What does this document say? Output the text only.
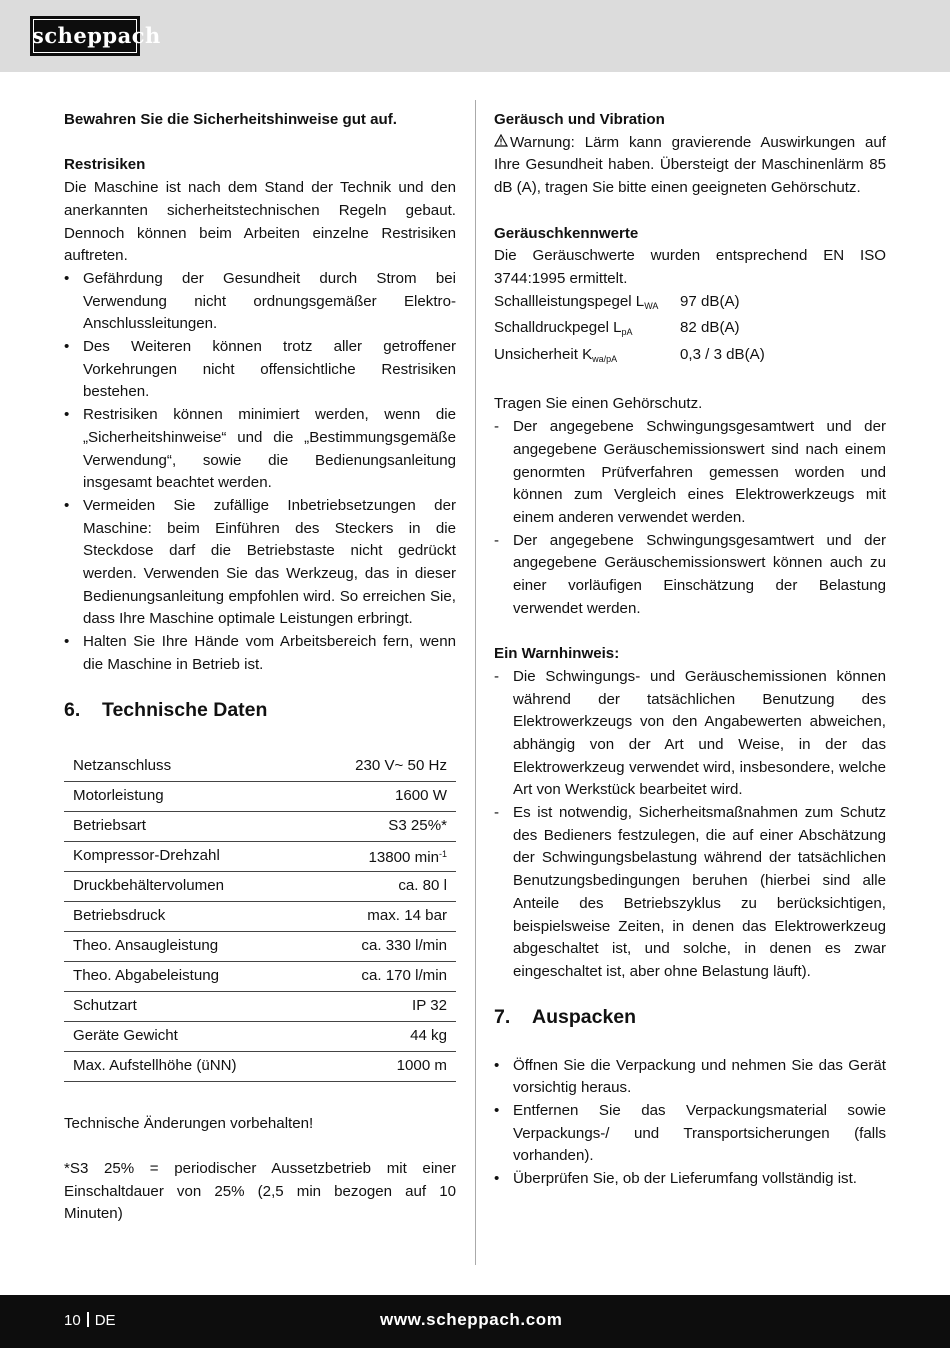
scheppach

Bewahren Sie die Sicherheitshinweise gut auf.

Restrisiken

Die Maschine ist nach dem Stand der Technik und den anerkannten sicherheitstechnischen Regeln gebaut. Dennoch können beim Arbeiten einzelne Restrisiken auftreten.

• Gefährdung der Gesundheit durch Strom bei Verwendung nicht ordnungsgemäßer Elektro-Anschlussleitungen.
• Des Weiteren können trotz aller getroffener Vorkehrungen nicht offensichtliche Restrisiken bestehen.
• Restrisiken können minimiert werden, wenn die „Sicherheitshinweise“ und die „Bestimmungsgemäße Verwendung“, sowie die Bedienungsanleitung insgesamt beachtet werden.
• Vermeiden Sie zufällige Inbetriebsetzungen der Maschine: beim Einführen des Steckers in die Steckdose darf die Betriebstaste nicht gedrückt werden. Verwenden Sie das Werkzeug, das in dieser Bedienungsanleitung empfohlen wird. So erreichen Sie, dass Ihre Maschine optimale Leistungen erbringt.
• Halten Sie Ihre Hände vom Arbeitsbereich fern, wenn die Maschine in Betrieb ist.
6. Technische Daten
Netzanschluss	230 V~ 50 Hz
Motorleistung	1600 W
Betriebsart	S3 25%*
Kompressor-Drehzahl	13800 $\min^{-1}$
Druckbehältervolumen	ca. 80 l
Betriebsdruck	max. 14 bar
Theo. Ansaugleistung	ca. 330 l/min
Theo. Abgabeleistung	ca. 170 l/min
Schutzart	IP 32
Geräte Gewicht	44 kg
Max. Aufstellhöhe (üNN)	1000 m

Technische Änderungen vorbehalten!

*S3 25% = periodischer Aussetzbetrieb mit einer Einschaltdauer von 25% (2,5 min bezogen auf 10 Minuten)

Geräusch und Vibration

Warnung: Lärm kann gravierende Auswirkungen auf Ihre Gesundheit haben. Übersteigt der Maschinenlärm 85 dB (A), tragen Sie bitte einen geeigneten Gehörschutz.

Geräuschkennwerte

Die Geräuschwerte wurden entsprechend EN ISO 3744:1995 ermittelt.

Schallleistungspegel $L_{WA}$	97 dB(A)
Schalldruckpegel $L_{pA}$	82 dB(A)
Unsicherheit $K_{wa/pA}$	0,3 / 3 dB(A)

Tragen Sie einen Gehörschutz.

- Der angegebene Schwingungsgesamtwert und der angegebene Geräuschemissionswert sind nach einem genormten Prüfverfahren gemessen worden und können zum Vergleich eines Elektrowerkzeugs mit einem anderen verwendet werden.
- Der angegebene Schwingungsgesamtwert und der angegebene Geräuschemissionswert können auch zu einer vorläufigen Einschätzung der Belastung verwendet werden.

Ein Warnhinweis:

- Die Schwingungs- und Geräuschemissionen können während der tatsächlichen Benutzung des Elektrowerkzeugs von den Angabewerten abweichen, abhängig von der Art und Weise, in der das Elektrowerkzeug verwendet wird, insbesondere, welche Art von Werkstück bearbeitet wird.
- Es ist notwendig, Sicherheitsmaßnahmen zum Schutz des Bedieners festzulegen, die auf einer Abschätzung der Schwingungsbelastung während der tatsächlichen Benutzungsbedingungen beruhen (hierbei sind alle Anteile des Betriebszyklus zu berücksichtigen, beispielsweise Zeiten, in denen das Elektrowerkzeug abgeschaltet ist, und solche, in denen es zwar eingeschaltet ist, aber ohne Belastung läuft).
7. Auspacken
• Öffnen Sie die Verpackung und nehmen Sie das Gerät vorsichtig heraus.
• Entfernen Sie das Verpackungsmaterial sowie Verpackungs-/ und Transportsicherungen (falls vorhanden).
• Überprüfen Sie, ob der Lieferumfang vollständig ist.
10 DE	www.scheppach.com
